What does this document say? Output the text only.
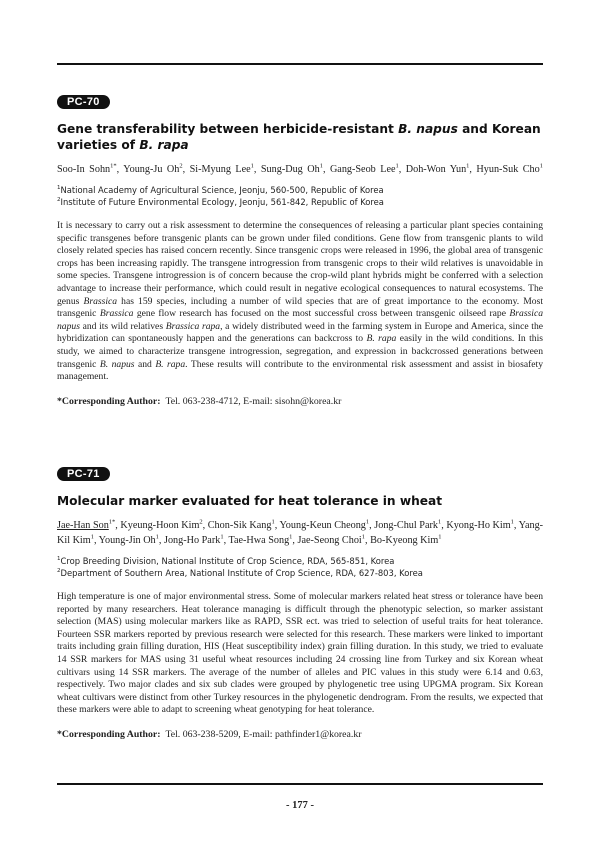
PC-70
Gene transferability between herbicide-resistant B. napus and Korean varieties of B. rapa
Soo-In Sohn$^{1*}$, Young-Ju Oh$^2$, Si-Myung Lee$^1$, Sung-Dug Oh$^1$, Gang-Seob Lee$^1$, Doh-Won Yun$^1$, Hyun-Suk Cho$^1$
$^1$National Academy of Agricultural Science, Jeonju, 560-500, Republic of Korea
$^2$Institute of Future Environmental Ecology, Jeonju, 561-842, Republic of Korea
It is necessary to carry out a risk assessment to determine the consequences of releasing a particular plant species containing specific transgenes before transgenic plants can be grown under filed conditions. Gene flow from transgenic plants to wild closely related species has raised concern recently. Since transgenic crops were released in 1996, the global area of transgenic crops has been increasing rapidly. The transgene introgression from transgenic crops to their wild relatives is unavoidable in some species. Transgene introgression is of concern because the crop-wild plant hybrids might be conferred with a selection advantage to increase their performance, which could result in negative ecological consequences to natural ecosystems. The genus Brassica has 159 species, including a number of wild species that are of great importance to the economy. Most transgenic Brassica gene flow research has focused on the most successful cross between transgenic oilseed rape Brassica napus and its wild relatives Brassica rapa, a widely distributed weed in the farming system in Europe and America, since the hybridization can spontaneously happen and the generations can backcross to B. rapa easily in the wild conditions. In this study, we aimed to characterize transgene introgression, segregation, and expression in backcrossed generations between transgenic B. napus and B. rapa. These results will contribute to the environmental risk assessment and assist in biosafety management.
*Corresponding Author: Tel. 063-238-4712, E-mail: sisohn@korea.kr
PC-71
Molecular marker evaluated for heat tolerance in wheat
Jae-Han Son$^{1*}$, Kyeung-Hoon Kim$^2$, Chon-Sik Kang$^1$, Young-Keun Cheong$^1$, Jong-Chul Park$^1$, Kyong-Ho Kim$^1$, Yang-Kil Kim$^1$, Young-Jin Oh$^1$, Jong-Ho Park$^1$, Tae-Hwa Song$^1$, Jae-Seong Choi$^1$, Bo-Kyeong Kim$^1$
$^1$Crop Breeding Division, National Institute of Crop Science, RDA, 565-851, Korea
$^2$Department of Southern Area, National Institute of Crop Science, RDA, 627-803, Korea
High temperature is one of major environmental stress. Some of molecular markers related heat stress or tolerance have been reported by many researchers. Heat tolerance managing is difficult through the phenotypic selection, so marker assistant selection (MAS) using molecular markers like as RAPD, SSR ect. was tried to selection of useful traits for heat tolerance. Fourteen SSR markers reported by previous research were selected for this research. These markers were linked to important traits including grain filling duration, HIS (Heat susceptibility index) grain filling duration. In this study, we tried to evaluate 14 SSR markers for MAS using 31 useful wheat resources including 24 crossing line from Turkey and six Korean wheat cultivars using 14 SSR markers. The average of the number of alleles and PIC values in this study were 6.14 and 0.63, respectively. Two major clades and six sub clades were grouped by phylogenetic tree using UPGMA program. Six Korean wheat cultivars were distinct from other Turkey resources in the phylogenetic dendrogram. From the results, we expected that these markers were able to adapt to screening wheat genotyping for heat tolerance.
*Corresponding Author: Tel. 063-238-5209, E-mail: pathfinder1@korea.kr
- 177 -
